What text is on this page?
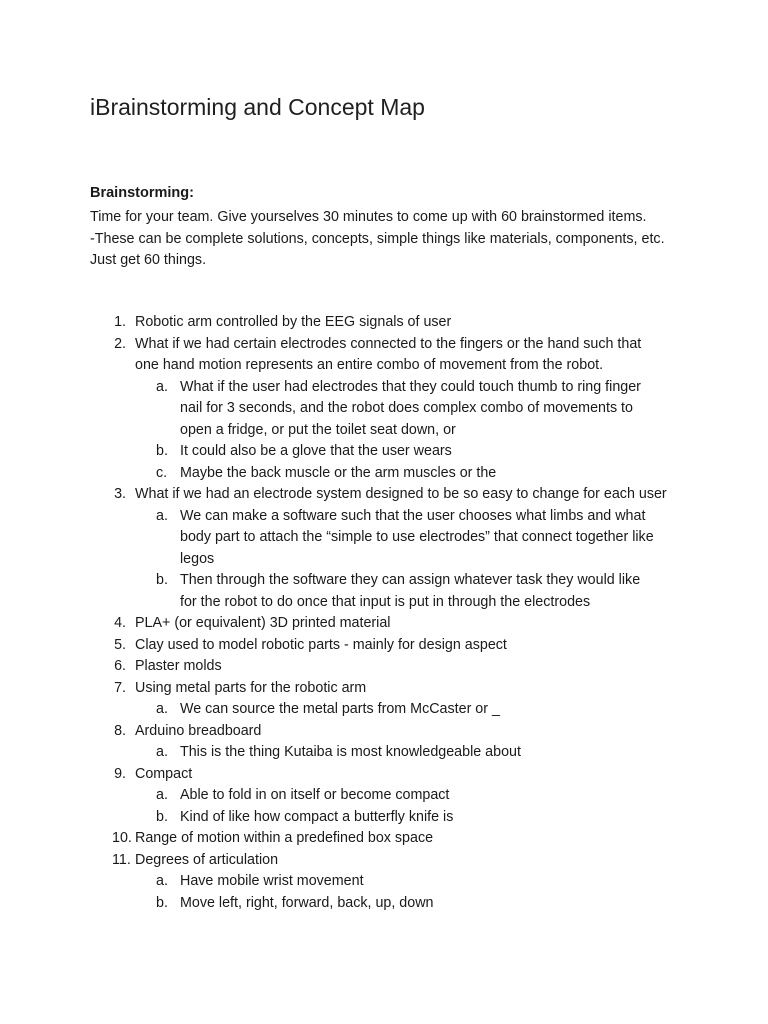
iBrainstorming and Concept Map
Brainstorming:
Time for your team. Give yourselves 30 minutes to come up with 60 brainstormed items.
-These can be complete solutions, concepts, simple things like materials, components, etc.
Just get 60 things.
1. Robotic arm controlled by the EEG signals of user
2. What if we had certain electrodes connected to the fingers or the hand such that
one hand motion represents an entire combo of movement from the robot.
a. What if the user had electrodes that they could touch thumb to ring finger
nail for 3 seconds, and the robot does complex combo of movements to
open a fridge, or put the toilet seat down, or
b. It could also be a glove that the user wears
c. Maybe the back muscle or the arm muscles or the
3. What if we had an electrode system designed to be so easy to change for each user
a. We can make a software such that the user chooses what limbs and what
body part to attach the “simple to use electrodes” that connect together like
legos
b. Then through the software they can assign whatever task they would like
for the robot to do once that input is put in through the electrodes
4. PLA+ (or equivalent) 3D printed material
5. Clay used to model robotic parts - mainly for design aspect
6. Plaster molds
7. Using metal parts for the robotic arm
a. We can source the metal parts from McCaster or _
8. Arduino breadboard
a. This is the thing Kutaiba is most knowledgeable about
9. Compact
a. Able to fold in on itself or become compact
b. Kind of like how compact a butterfly knife is
10. Range of motion within a predefined box space
11. Degrees of articulation
a. Have mobile wrist movement
b. Move left, right, forward, back, up, down
